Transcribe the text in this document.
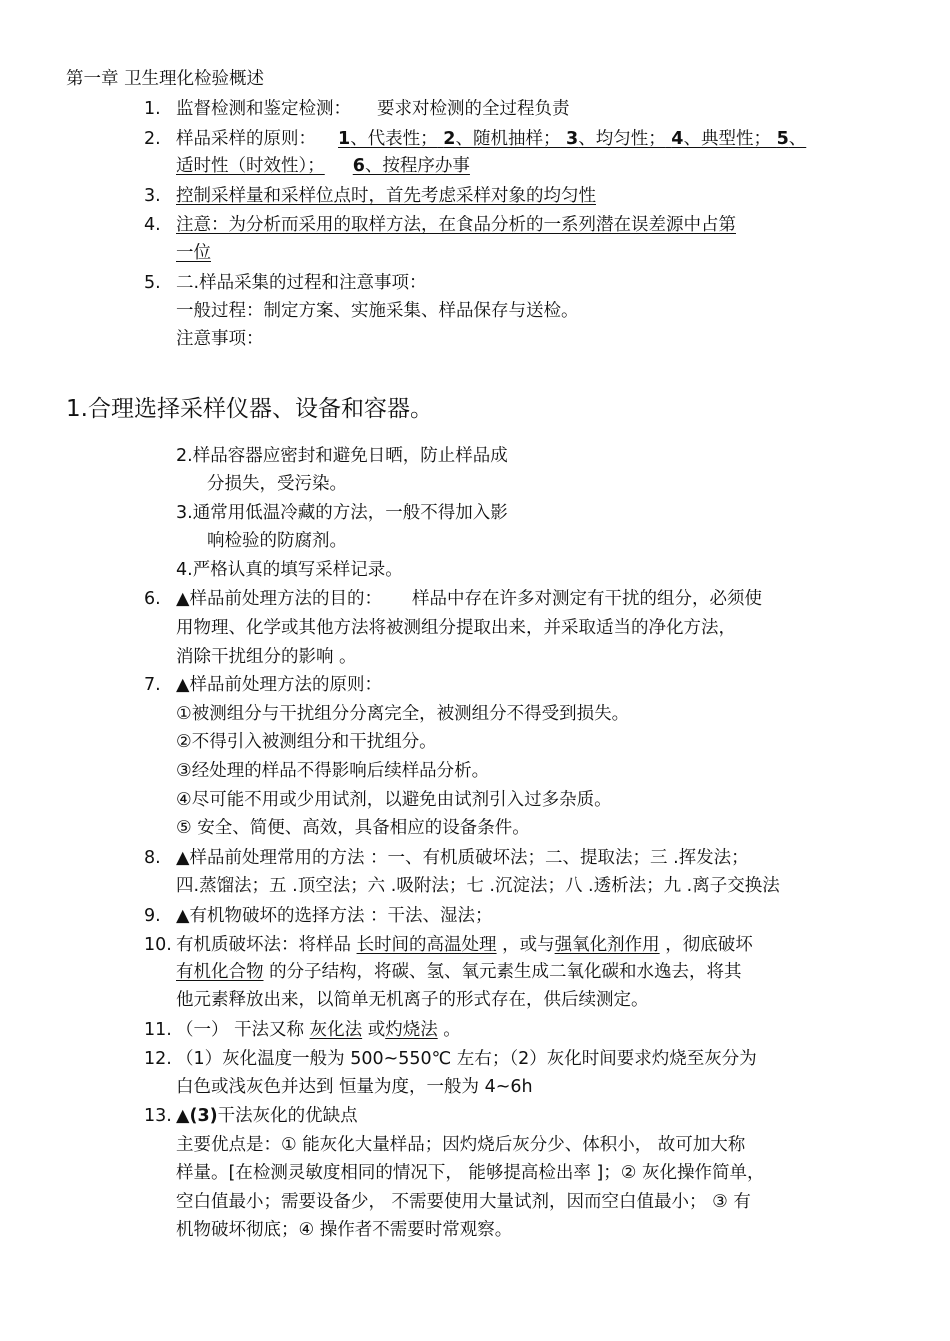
第一章 卫生理化检验概述
1. 监督检测和鉴定检测： 要求对检测的全过程负责
2. 样品采样的原则： 1、代表性； 2、随机抽样； 3、均匀性； 4、典型性； 5、
适时性（时效性）； 6、按程序办事
3. 控制采样量和采样位点时，首先考虑采样对象的均匀性
4. 注意：为分析而采用的取样方法，在食品分析的一系列潜在误差源中占第
一位
5. 二.样品采集的过程和注意事项：
一般过程：制定方案、实施采集、样品保存与送检。
注意事项：
1.合理选择采样仪器、设备和容器。
2.样品容器应密封和避免日晒，防止样品成
分损失，受污染。
3.通常用低温冷藏的方法，一般不得加入影
响检验的防腐剂。
4.严格认真的填写采样记录。
6. ▲样品前处理方法的目的： 样品中存在许多对测定有干扰的组分，必须使
用物理、化学或其他方法将被测组分提取出来，并采取适当的净化方法，
消除干扰组分的影响 。
7. ▲样品前处理方法的原则：
①被测组分与干扰组分分离完全，被测组分不得受到损失。
②不得引入被测组分和干扰组分。
③经处理的样品不得影响后续样品分析。
④尽可能不用或少用试剂，以避免由试剂引入过多杂质。
⑤ 安全、简便、高效，具备相应的设备条件。
8. ▲样品前处理常用的方法 ：一、有机质破坏法；二、提取法；三 .挥发法；
四.蒸馏法；五 .顶空法；六 .吸附法；七 .沉淀法；八 .透析法；九 .离子交换法
9. ▲有机物破坏的选择方法 ：干法、湿法；
10. 有机质破坏法：将样品 长时间的高温处理 ，或与强氧化剂作用 ，彻底破坏
有机化合物 的分子结构，将碳、氢、氧元素生成二氧化碳和水逸去，将其
他元素释放出来，以简单无机离子的形式存在，供后续测定。
11. （一） 干法又称 灰化法 或灼烧法 。
12. （1）灰化温度一般为 500~550℃ 左右；（2）灰化时间要求灼烧至灰分为
白色或浅灰色并达到 恒量为度，一般为 4~6h
13. ▲(3)干法灰化的优缺点
主要优点是：① 能灰化大量样品；因灼烧后灰分少、体积小， 故可加大称
样量。[在检测灵敏度相同的情况下， 能够提高检出率 ]；② 灰化操作简单，
空白值最小；需要设备少， 不需要使用大量试剂，因而空白值最小； ③ 有
机物破坏彻底；④ 操作者不需要时常观察。
